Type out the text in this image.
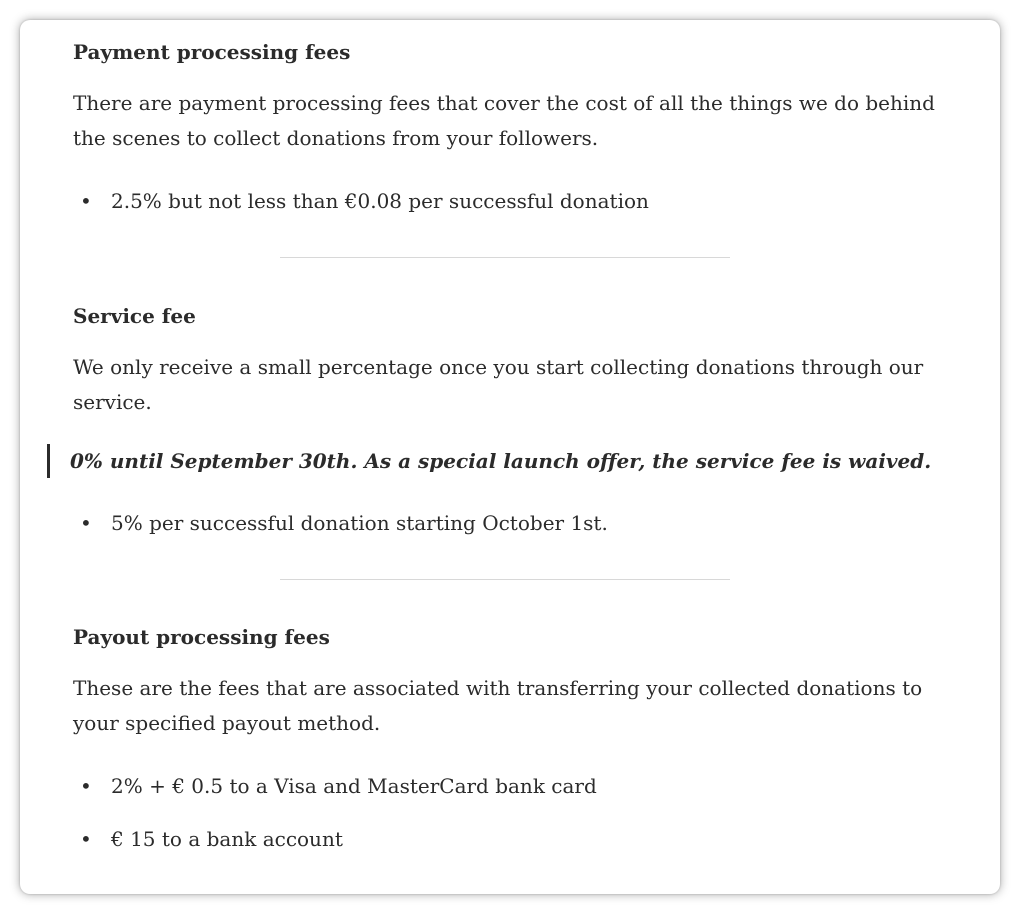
Payment processing fees

There are payment processing fees that cover the cost of all the things we do behind the scenes to collect donations from your followers.

• 2.5% but not less than €0.08 per successful donation
Service fee

We only receive a small percentage once you start collecting donations through our service.

0% until September 30th. As a special launch offer, the service fee is waived.
• 5% per successful donation starting October 1st.
Payout processing fees

These are the fees that are associated with transferring your collected donations to your specified payout method.

• 2% + € 0.5 to a Visa and MasterCard bank card
• € 15 to a bank account
